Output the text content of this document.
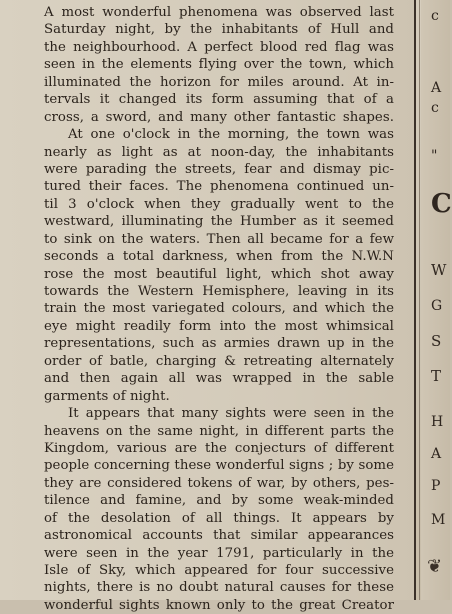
A most wonderful phenomena was observed last
Saturday night, by the inhabitants of Hull and
the neighbourhood. A perfect blood red flag was
seen in the elements flying over the town, which
illuminated the horizon for miles around. At in-
tervals it changed its form assuming that of a
cross, a sword, and many other fantastic shapes.
At one o'clock in the morning, the town was
nearly as light as at noon-day, the inhabitants
were parading the streets, fear and dismay pic-
tured their faces. The phenomena continued un-
til 3 o'clock when they gradually went to the
westward, illuminating the Humber as it seemed
to sink on the waters. Then all became for a few
seconds a total darkness, when from the N.W.N
rose the most beautiful light, which shot away
towards the Western Hemisphere, leaving in its
train the most variegated colours, and which the
eye might readily form into the most whimsical
representations, such as armies drawn up in the
order of batle, charging & retreating alternately
and then again all was wrapped in the sable
garments of night.
It appears that many sights were seen in the
heavens on the same night, in different parts the
Kingdom, various are the conjecturs of different
people concerning these wonderful signs ; by some
they are considered tokens of war, by others, pes-
tilence and famine, and by some weak-minded
of the desolation of all things. It appears by
astronomical accounts that similar appearances
were seen in the year 1791, particularly in the
Isle of Sky, which appeared for four successive
nights, there is no doubt natural causes for these
wonderful sights known only to the great Creator
c
A
c
"
C
W
G
S
T
H
A
P
M
❦
